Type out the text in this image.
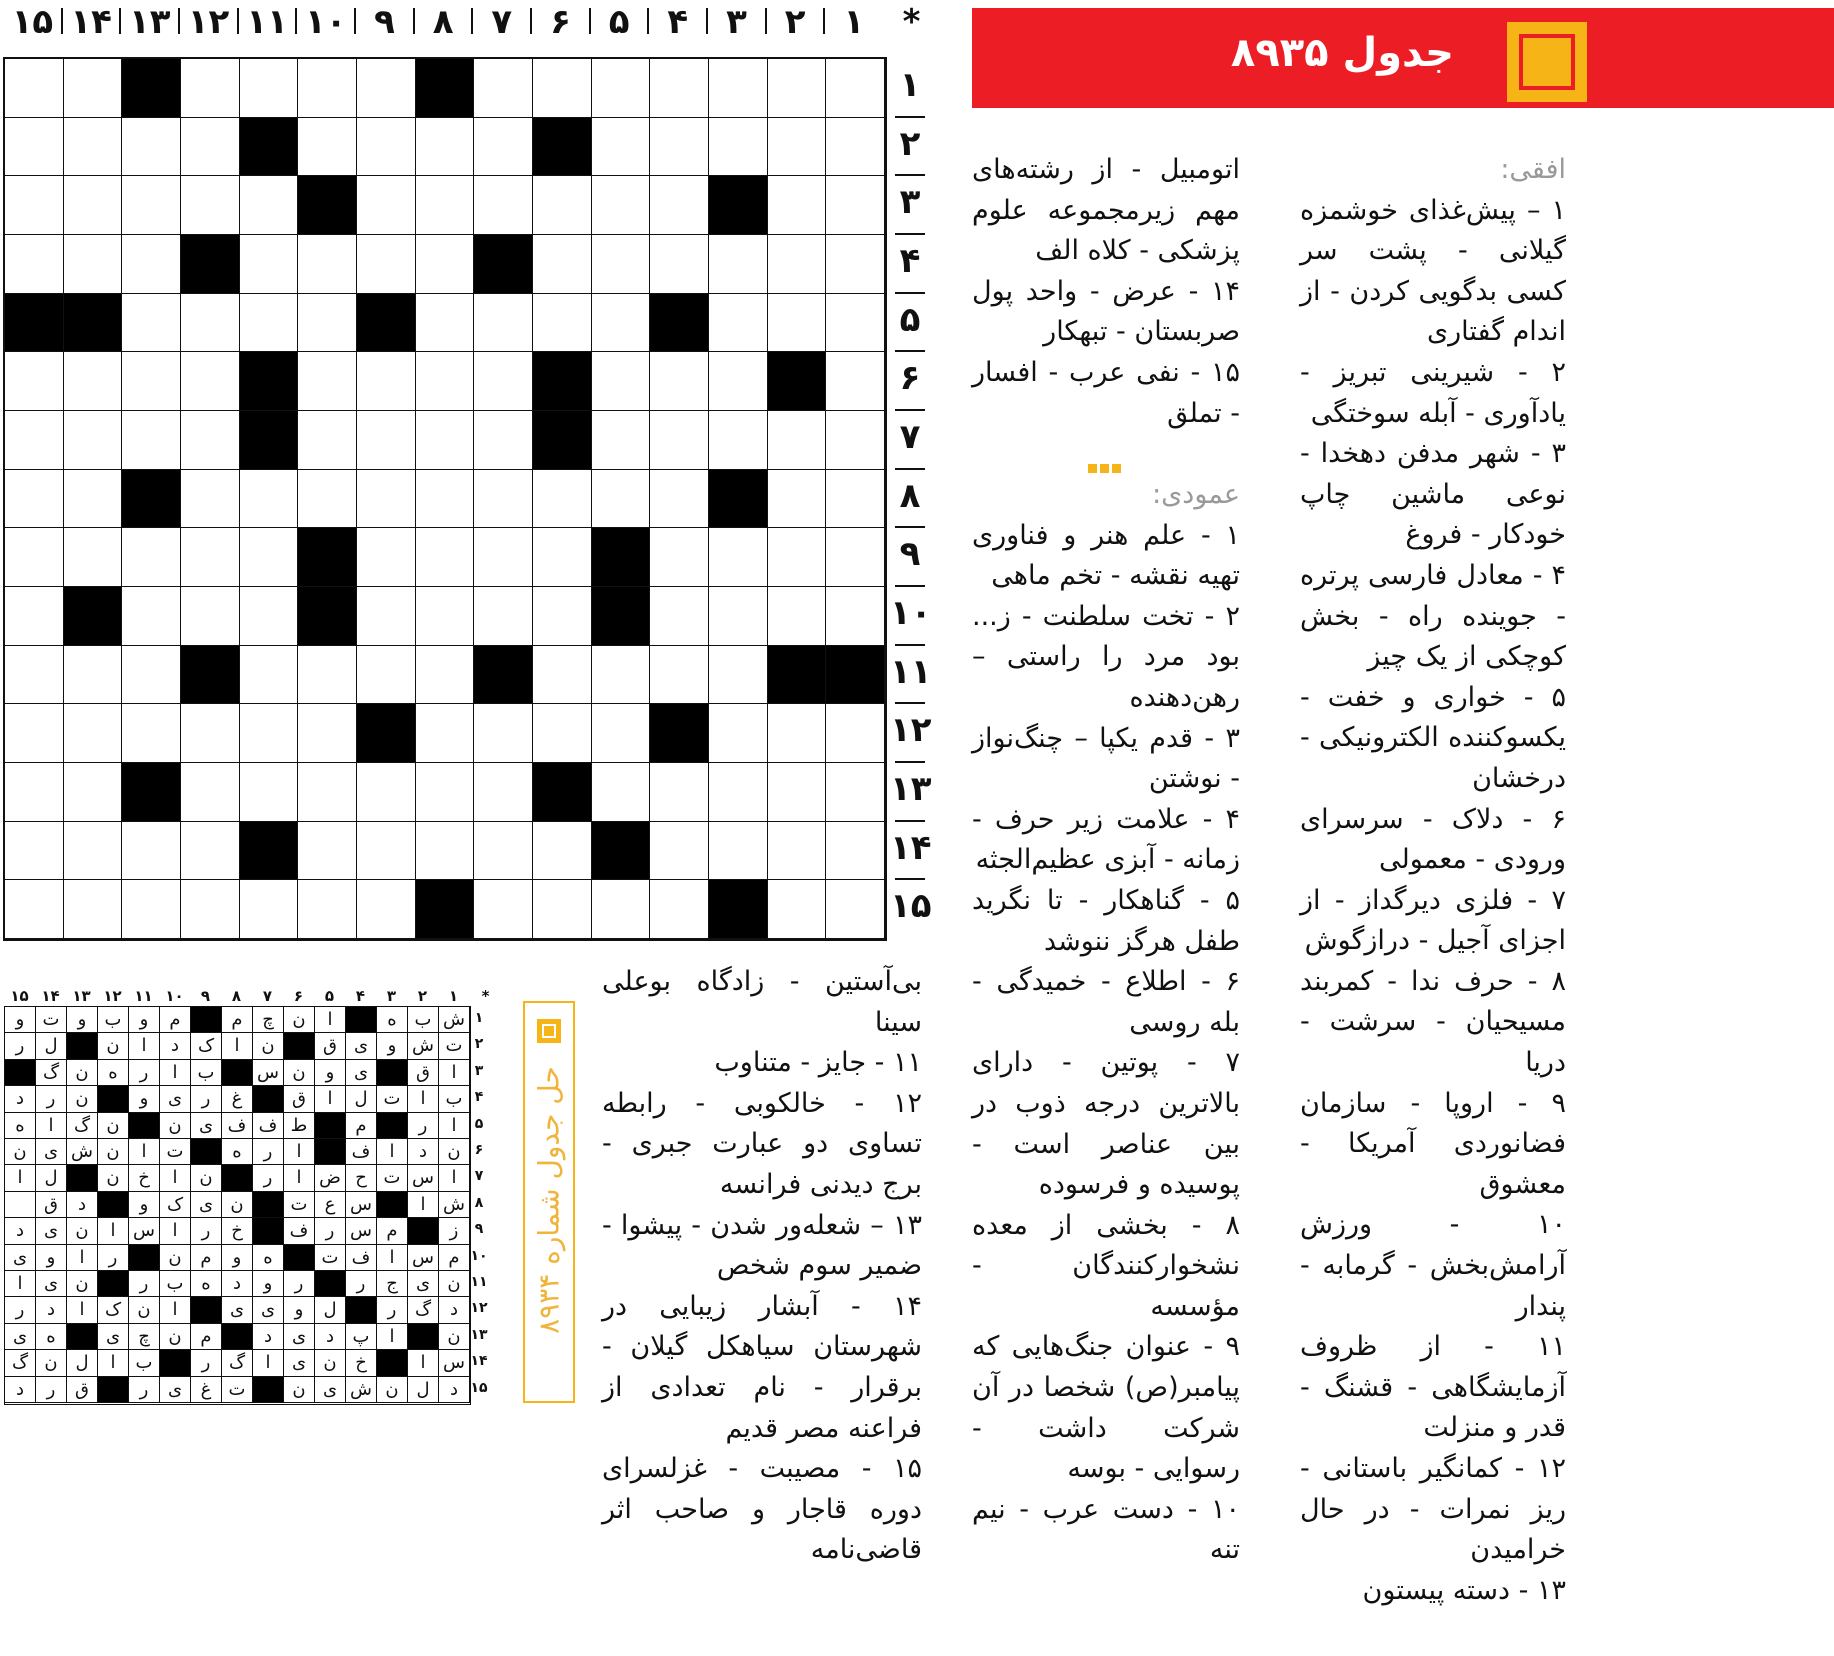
*
۱
۲
۳
۴
۵
۶
۷
۸
۹
۱۰
۱۱
۱۲
۱۳
۱۴
۱۵
۱
۲
۳
۴
۵
۶
۷
۸
۹
۱۰
۱۱
۱۲
۱۳
۱۴
۱۵
جدول ۸۹۳۵
افقی:
۱ – پیش‌غذای خوشمزه گیلانی - پشت سر کسی بدگویی کردن - از اندام گفتاری
۲ - شیرینی تبریز - یادآوری - آبله سوختگی
۳ - شهر مدفن دهخدا - نوعی ماشین چاپ خودکار - فروغ
۴ - معادل فارسی پرتره - جوینده راه - بخش کوچکی از یک چیز
۵ - خواری و خفت - یکسوکننده الکترونیکی - درخشان
۶ - دلاک - سرسرای ورودی - معمولی
۷ - فلزی دیرگداز - از اجزای آجیل - درازگوش
۸ - حرف ندا - کمربند مسیحیان - سرشت - دریا
۹ - اروپا - سازمان فضانوردی آمریکا - معشوق
۱۰ - ورزش آرامش‌بخش - گرمابه - پندار
۱۱ - از ظروف آزمایشگاهی - قشنگ - قدر و منزلت
۱۲ - کمانگیر باستانی - ریز نمرات - در حال خرامیدن
۱۳ - دسته پیستون
اتومبیل - از رشته‌های مهم زیرمجموعه علوم پزشکی - کلاه الف
۱۴ - عرض - واحد پول صربستان - تبهکار
۱۵ - نفی عرب - افسار - تملق
عمودی:
۱ - علم هنر و فناوری تهیه نقشه - تخم ماهی
۲ - تخت سلطنت - ز... بود مرد را راستی – رهن‌دهنده
۳ - قدم یکپا – چنگ‌نواز - نوشتن
۴ - علامت زیر حرف - زمانه - آبزی عظیم‌الجثه
۵ - گناهکار - تا نگرید طفل هرگز ننوشد
۶ - اطلاع - خمیدگی - بله روسی
۷ - پوتین - دارای بالاترین درجه ذوب در بین عناصر است - پوسیده و فرسوده
۸ - بخشی از معده نشخوارکنندگان - مؤسسه
۹ - عنوان جنگ‌هایی که پیامبر(ص) شخصا در آن شرکت داشت - رسوایی - بوسه
۱۰ - دست عرب - نیم تنه
بی‌آستین - زادگاه بوعلی سینا
۱۱ - جایز - متناوب
۱۲ - خالکوبی - رابطه تساوی دو عبارت جبری - برج دیدنی فرانسه
۱۳ – شعله‌ور شدن - پیشوا - ضمیر سوم شخص
۱۴ - آبشار زیبایی در شهرستان سیاهکل گیلان - برقرار - نام تعدادی از فراعنه مصر قدیم
۱۵ - مصیبت - غزلسرای دوره قاجار و صاحب اثر قاضی‌نامه
*
۱
۲
۳
۴
۵
۶
۷
۸
۹
۱۰
۱۱
۱۲
۱۳
۱۴
۱۵
ش
ب
ه
ا
ن
چ
م
م
و
ب
و
ت
و
ت
ش
و
ی
ق
ن
ا
ک
د
ا
ن
ل
ر
ا
ق
ی
و
ن
س
ب
ا
ر
ه
ن
گ
ب
ا
ت
ل
ا
ق
غ
ر
ی
و
ن
ر
د
ا
ر
م
ط
ف
ف
ی
ن
ن
گ
ا
ه
ن
د
ا
ف
ا
ر
ه
ت
ا
ن
ش
ی
ن
ا
س
ت
ح
ض
ا
ر
ن
ا
خ
ن
ل
ا
ش
ا
س
ع
ت
ن
ی
ک
و
د
ق
ز
م
س
ر
ف
خ
ر
ا
س
ا
ن
ی
د
م
س
ا
ف
ت
ه
و
م
ن
ر
ا
و
ی
ن
ی
ج
ر
ر
و
د
ه
ب
ر
ن
ی
ا
د
گ
ر
ل
و
ی
ی
ا
ن
ک
ا
د
ر
ن
ا
پ
د
ی
د
م
ن
چ
ی
ه
ی
س
ا
خ
ن
ی
ا
گ
ر
ب
ا
ل
ن
گ
د
ل
ن
ش
ی
ن
ت
غ
ی
ر
ق
ر
د
۱
۲
۳
۴
۵
۶
۷
۸
۹
۱۰
۱۱
۱۲
۱۳
۱۴
۱۵
حل جدول شماره ۸۹۳۴
